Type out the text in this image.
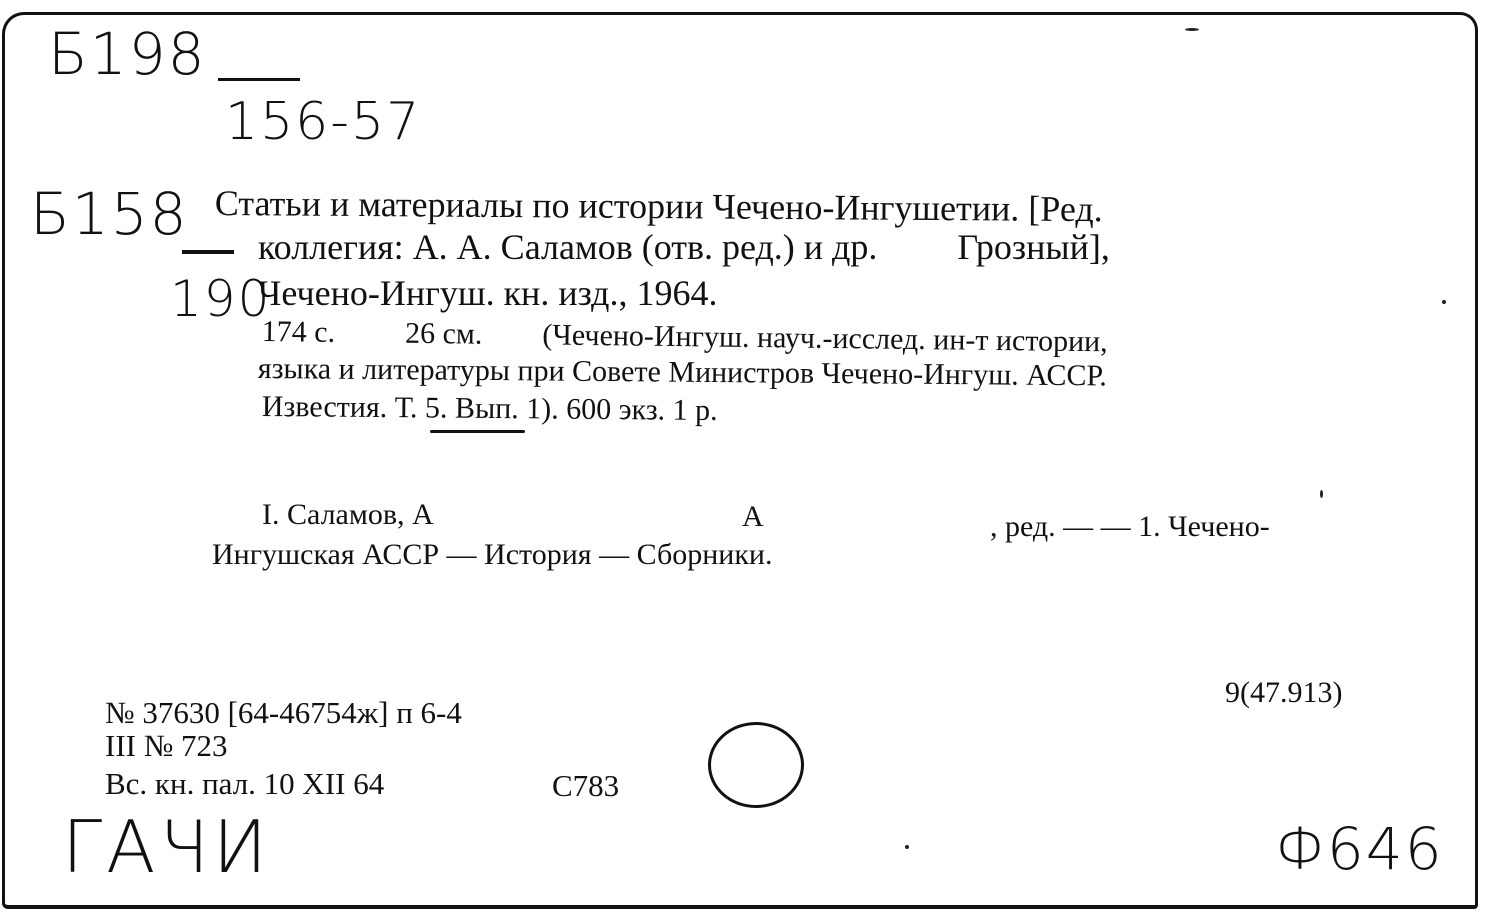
Б198
156-57
Б158
190
Статьи и материалы по истории Чечено-Ингушетии. [Ред.
коллегия: А. А. Саламов (отв. ред.) и др. Грозный],
Чечено-Ингуш. кн. изд., 1964.
174 с. 26 см. (Чечено-Ингуш. науч.-исслед. ин-т истории,
языка и литературы при Совете Министров Чечено-Ингуш. АССР.
Известия. Т. 5. Вып. 1). 600 экз. 1 р.
I. Саламов, А	А	, ред. — — 1. Чечено-
Ингушская АССР — История — Сборники.
9(47.913)
№ 37630 [64-46754ж] п 6-4
III № 723
Вс. кн. пал. 10 XII 64	С783
ГАЧИ	Ф646
